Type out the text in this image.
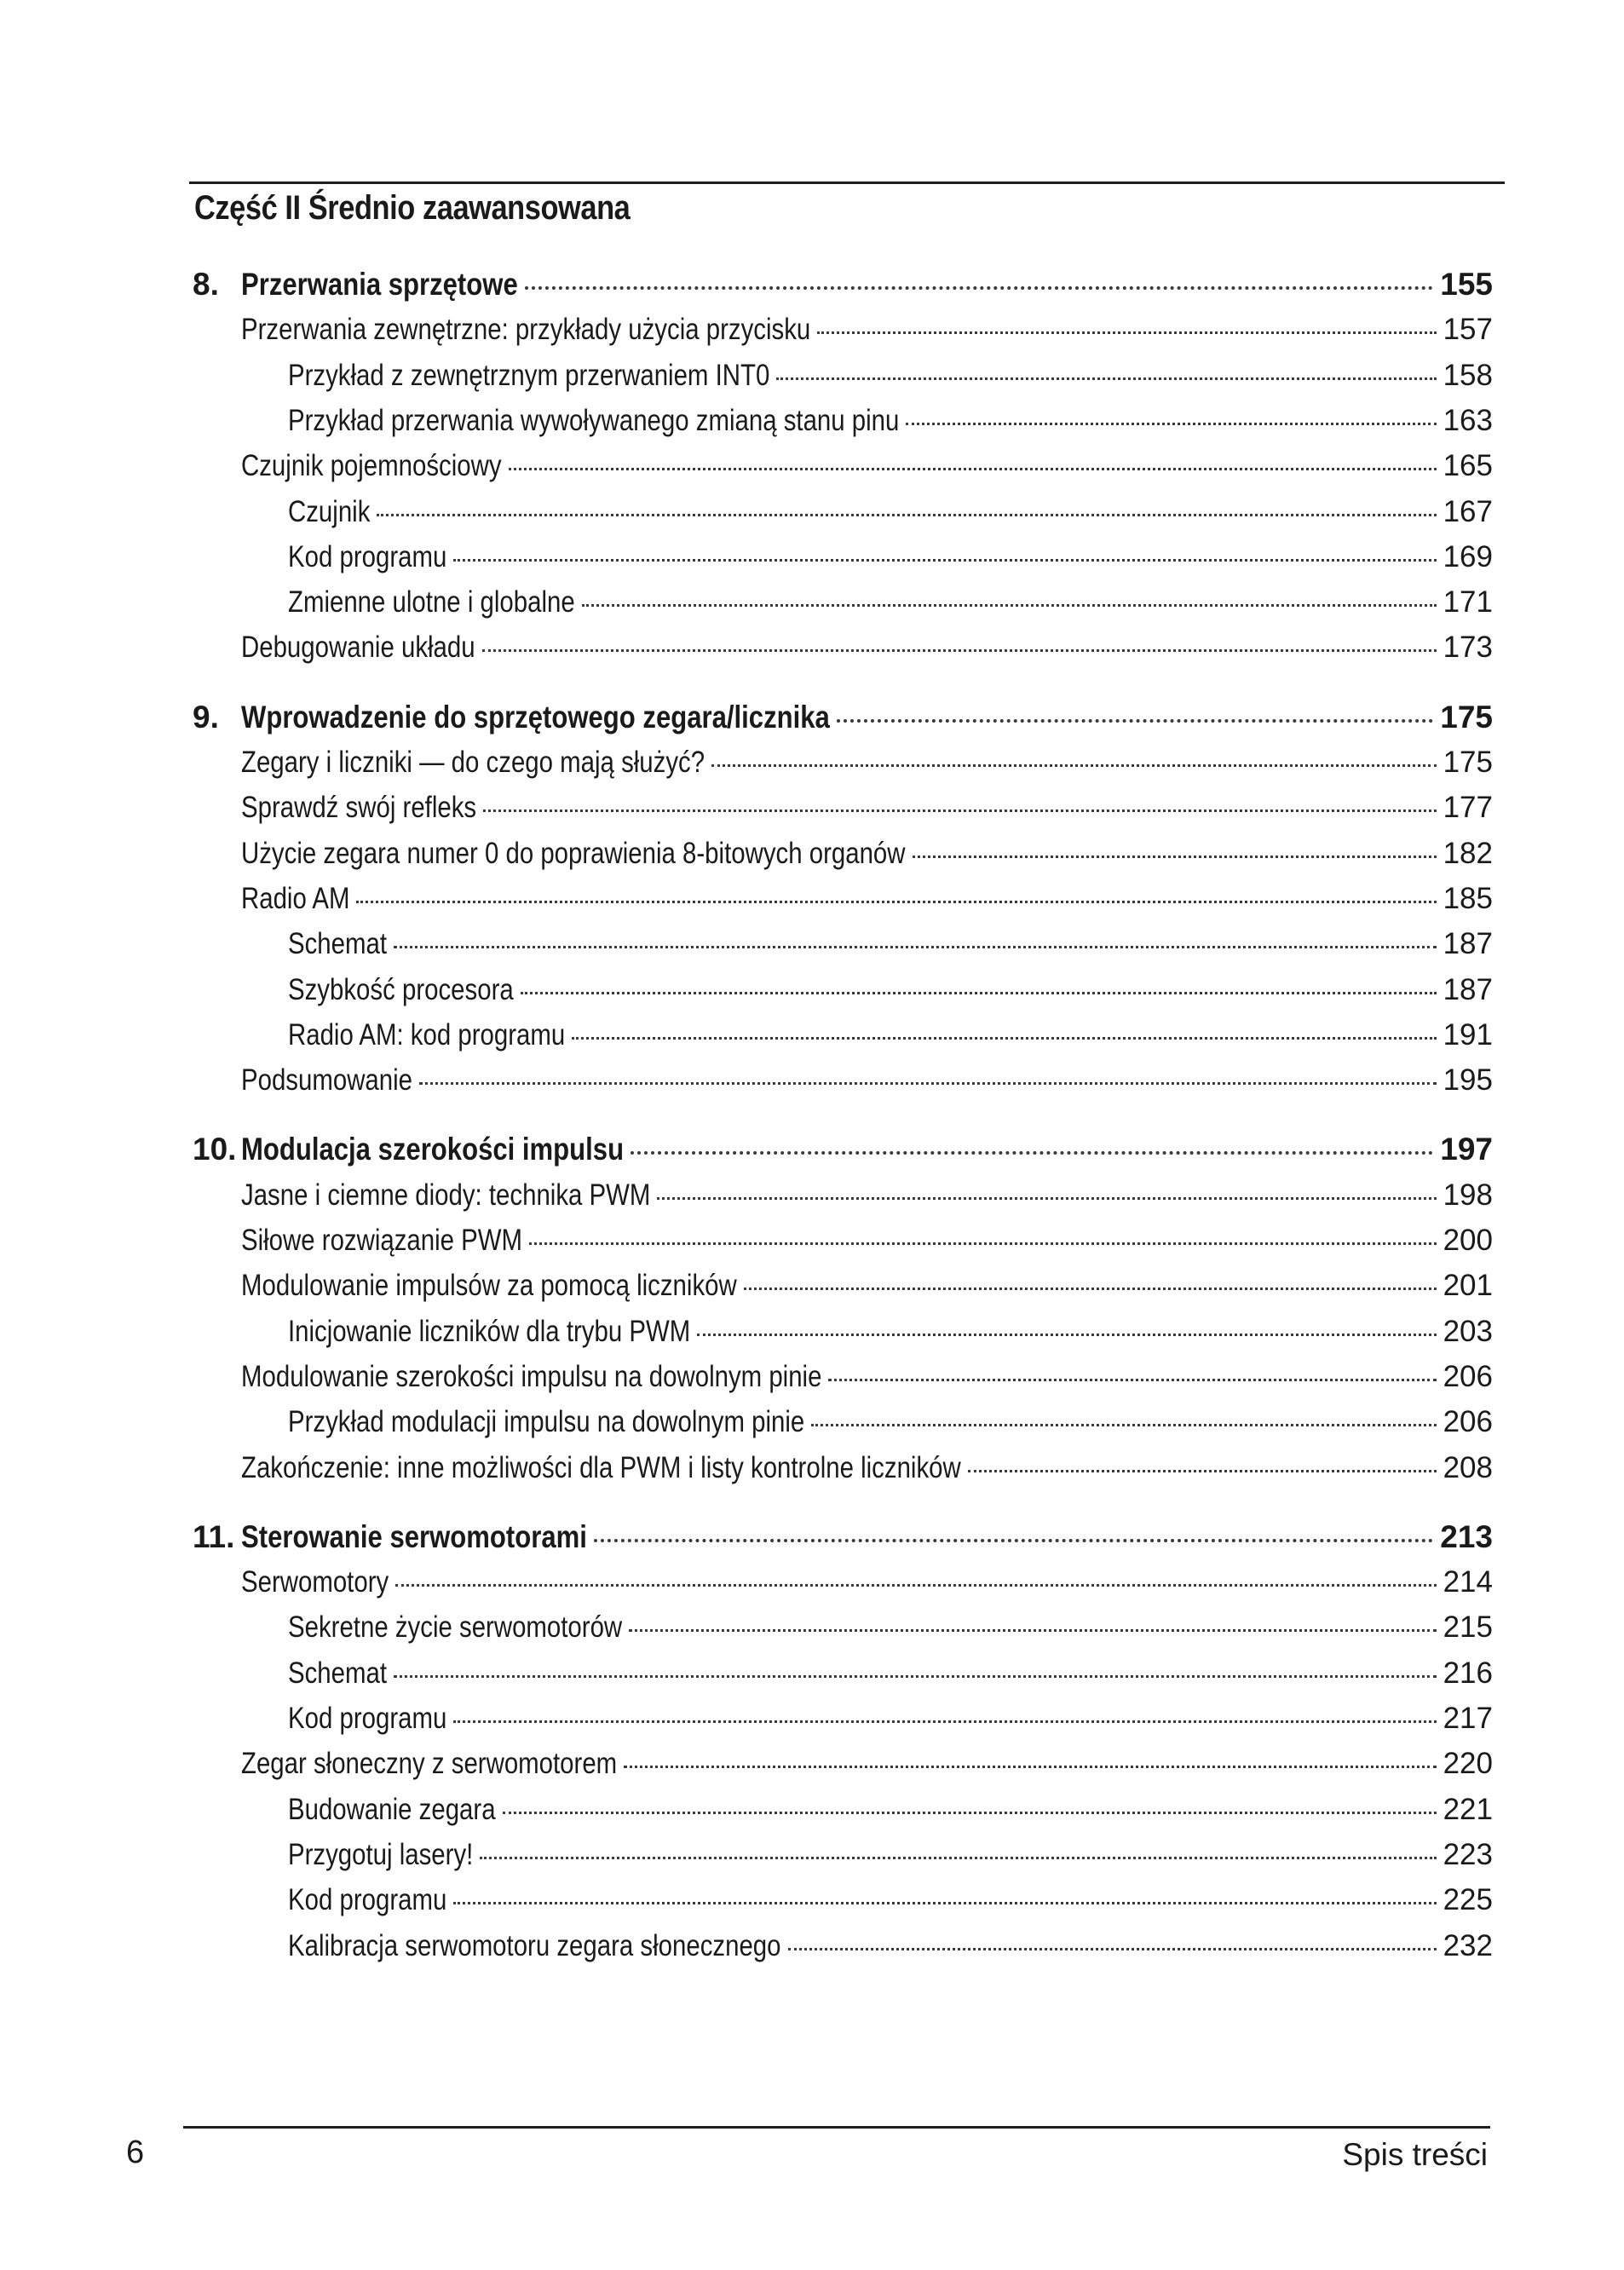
Część II Średnio zaawansowana
8. Przerwania sprzętowe	155
Przerwania zewnętrzne: przykłady użycia przycisku	157
Przykład z zewnętrznym przerwaniem INT0	158
Przykład przerwania wywoływanego zmianą stanu pinu	163
Czujnik pojemnościowy	165
Czujnik	167
Kod programu	169
Zmienne ulotne i globalne	171
Debugowanie układu	173
9. Wprowadzenie do sprzętowego zegara/licznika	175
Zegary i liczniki — do czego mają służyć?	175
Sprawdź swój refleks	177
Użycie zegara numer 0 do poprawienia 8-bitowych organów	182
Radio AM	185
Schemat	187
Szybkość procesora	187
Radio AM: kod programu	191
Podsumowanie	195
10. Modulacja szerokości impulsu	197
Jasne i ciemne diody: technika PWM	198
Siłowe rozwiązanie PWM	200
Modulowanie impulsów za pomocą liczników	201
Inicjowanie liczników dla trybu PWM	203
Modulowanie szerokości impulsu na dowolnym pinie	206
Przykład modulacji impulsu na dowolnym pinie	206
Zakończenie: inne możliwości dla PWM i listy kontrolne liczników	208
11. Sterowanie serwomotorami	213
Serwomotory	214
Sekretne życie serwomotorów	215
Schemat	216
Kod programu	217
Zegar słoneczny z serwomotorem	220
Budowanie zegara	221
Przygotuj lasery!	223
Kod programu	225
Kalibracja serwomotoru zegara słonecznego	232
6	Spis treści
